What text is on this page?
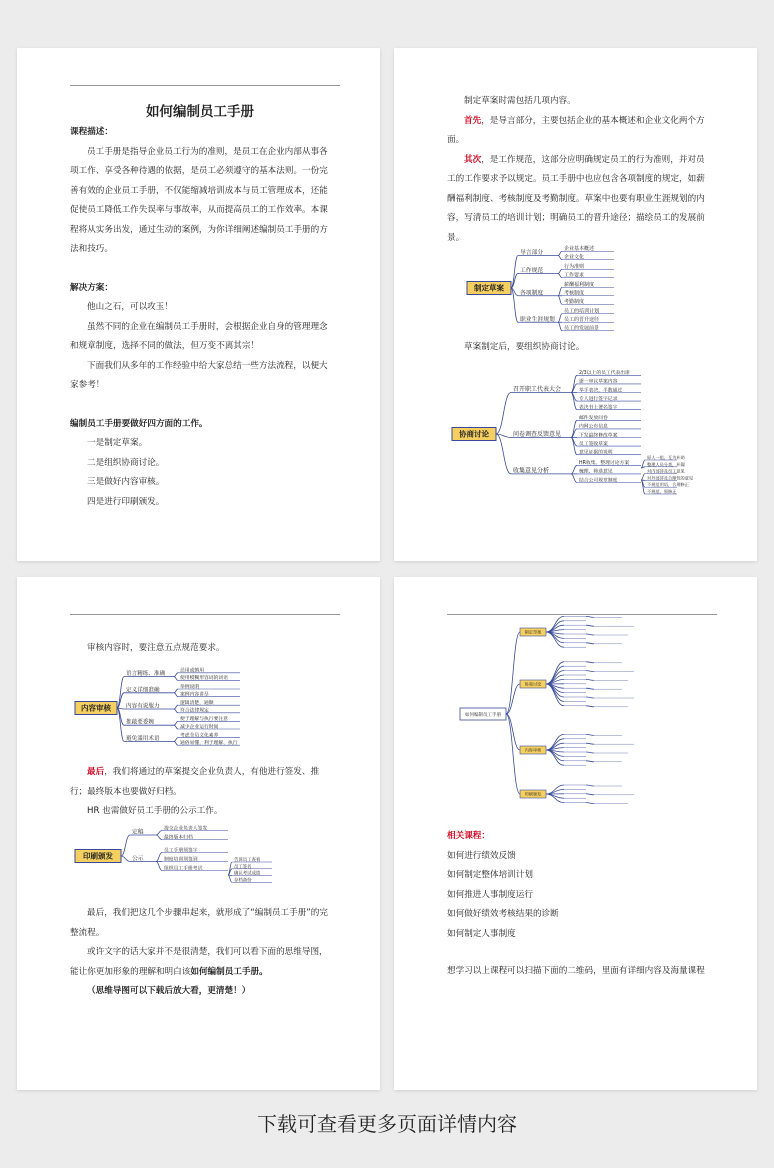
如何编制员工手册
课程描述：
员工手册是指导企业员工行为的准则，是员工在企业内部从事各项工作、享受各种待遇的依据，是员工必须遵守的基本法则。一份完善有效的企业员工手册，不仅能缩减培训成本与员工管理成本，还能促使员工降低工作失误率与事故率，从而提高员工的工作效率。本课程将从实务出发，通过生动的案例，为你详细阐述编制员工手册的方法和技巧。
解决方案：
他山之石，可以攻玉！
虽然不同的企业在编制员工手册时，会根据企业自身的管理理念和规章制度，选择不同的做法，但万变不离其宗！
下面我们从多年的工作经验中给大家总结一些方法流程，以便大家参考！
编制员工手册要做好四方面的工作。
一是制定草案。
二是组织协商讨论。
三是做好内容审核。
四是进行印刷颁发。
制定草案时需包括几项内容。
首先，是导言部分，主要包括企业的基本概述和企业文化两个方面。
其次，是工作规范，这部分应明确规定员工的行为准则，并对员工的工作要求予以规定。员工手册中也应包含各项制度的规定，如薪酬福利制度、考核制度及考勤制度。草案中也要有职业生涯规划的内容，写清员工的培训计划；明确员工的晋升途径；描绘员工的发展前景。
制定草案
导言部分
企业基本概述
企业文化
工作规范
行为准则
工作要求
各项制度
薪酬福利制度
考核制度
考勤制度
职业生涯规划
员工的培训计划
员工的晋升途径
员工的发展前景
草案制定后，要组织协商讨论。
协商讨论
召开职工代表大会
2/3以上的员工代表出席
逐一审议草案内容
举手表决，半数通过
专人进行签字记录
表决书上署名签字
问卷调查反馈意见
邮件发放问卷
内网公布信息
下发最终修改草案
员工签收草案
意见证据的说明
收集意见分析
HR收集、整理讨论方案
梳理、筛选意见
结合公司规章制度
原人一组，互为补助
整理人员分类，补漏
对内部涉及员工意见
对外部涉及合理性的意见
不规范用语，合理修正
不规范，须修正
审核内容时，要注意五点规范要求。
内容审核
语言精练、准确	忌用或慎用
使用模糊形容词的词语
定义详细准确	举例说明
案例内容讲尽
内容有说服力	逻辑清楚，通顺
符合法律规定
推敲要委婉	便于理解与执行要注意
减少企业运行时间
避免滥用术语	考虑全员文化素养
通俗易懂，利于理解、执行
最后，我们将通过的草案提交企业负责人，有他进行签发、推行；最终版本也要做好归档。
HR 也需做好员工手册的公示工作。
印刷颁发
定稿
提交企业负责人签发
最终版本归档
公示
员工手册须签字
制度培训须签到
组织员工手册考试
告诉员工查看
员工签名
确认考试成绩
存档备份
最后，我们把这几个步骤串起来，就形成了“编制员工手册”的完整流程。
或许文字的话大家并不是很清楚，我们可以看下面的思维导图，能让你更加形象的理解和明白该如何编制员工手册。
（思维导图可以下载后放大看，更清楚！）
如何编制员工手册
制定草案
协商讨论
内容审核
印刷颁发
相关课程：
如何进行绩效反馈
如何制定整体培训计划
如何推进人事制度运行
如何做好绩效考核结果的诊断
如何制定人事制度
想学习以上课程可以扫描下面的二维码，里面有详细内容及海量课程
下载可查看更多页面详情内容
